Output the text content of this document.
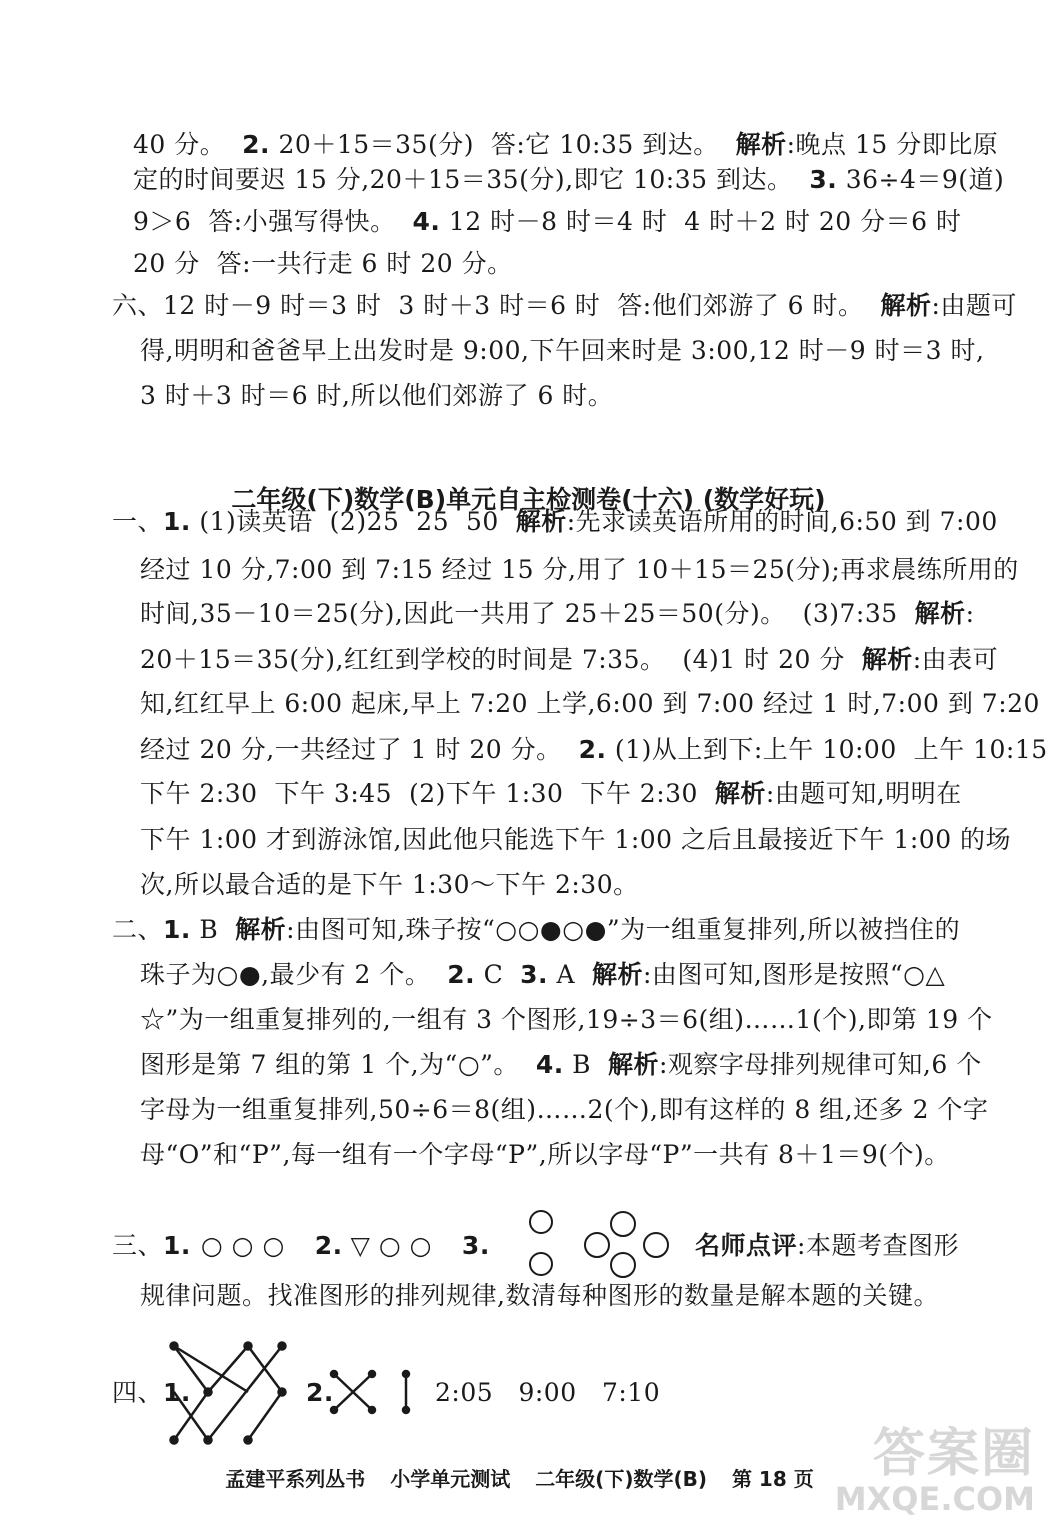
40 分。  2. 20＋15＝35(分)  答:它 10:35 到达。  解析:晚点 15 分即比原
定的时间要迟 15 分,20＋15＝35(分),即它 10:35 到达。  3. 36÷4＝9(道)
9＞6  答:小强写得快。  4. 12 时－8 时＝4 时  4 时＋2 时 20 分＝6 时
20 分  答:一共行走 6 时 20 分。
六、12 时－9 时＝3 时  3 时＋3 时＝6 时  答:他们郊游了 6 时。  解析:由题可
得,明明和爸爸早上出发时是 9:00,下午回来时是 3:00,12 时－9 时＝3 时,
3 时＋3 时＝6 时,所以他们郊游了 6 时。
一、1. (1)读英语  (2)25  25  50  解析:先求读英语所用的时间,6:50 到 7:00
经过 10 分,7:00 到 7:15 经过 15 分,用了 10＋15＝25(分);再求晨练所用的
时间,35－10＝25(分),因此一共用了 25＋25＝50(分)。  (3)7:35  解析:
20＋15＝35(分),红红到学校的时间是 7:35。  (4)1 时 20 分  解析:由表可
知,红红早上 6:00 起床,早上 7:20 上学,6:00 到 7:00 经过 1 时,7:00 到 7:20
经过 20 分,一共经过了 1 时 20 分。  2. (1)从上到下:上午 10:00  上午 10:15
下午 2:30  下午 3:45  (2)下午 1:30  下午 2:30  解析:由题可知,明明在
下午 1:00 才到游泳馆,因此他只能选下午 1:00 之后且最接近下午 1:00 的场
次,所以最合适的是下午 1:30～下午 2:30。
二、1. B  解析:由图可知,珠子按“○○●○●”为一组重复排列,所以被挡住的
珠子为○●,最少有 2 个。  2. C  3. A  解析:由图可知,图形是按照“○△
☆”为一组重复排列的,一组有 3 个图形,19÷3＝6(组)……1(个),即第 19 个
图形是第 7 组的第 1 个,为“○”。  4. B  解析:观察字母排列规律可知,6 个
字母为一组重复排列,50÷6＝8(组)……2(个),即有这样的 8 组,还多 2 个字
母“O”和“P”,每一组有一个字母“P”,所以字母“P”一共有 8＋1＝9(个)。
规律问题。找准图形的排列规律,数清每种图形的数量是解本题的关键。
二年级(下)数学(B)单元自主检测卷(十六) (数学好玩)
三、1. ○ ○ ○ 2. ▽ ○ ○ 3.	名师点评:本题考查图形
四、1.	2.	2:05   9:00   7:10
孟建平系列丛书 小学单元测试 二年级(下)数学(B) 第 18 页	答案圈
MXQE.COM
